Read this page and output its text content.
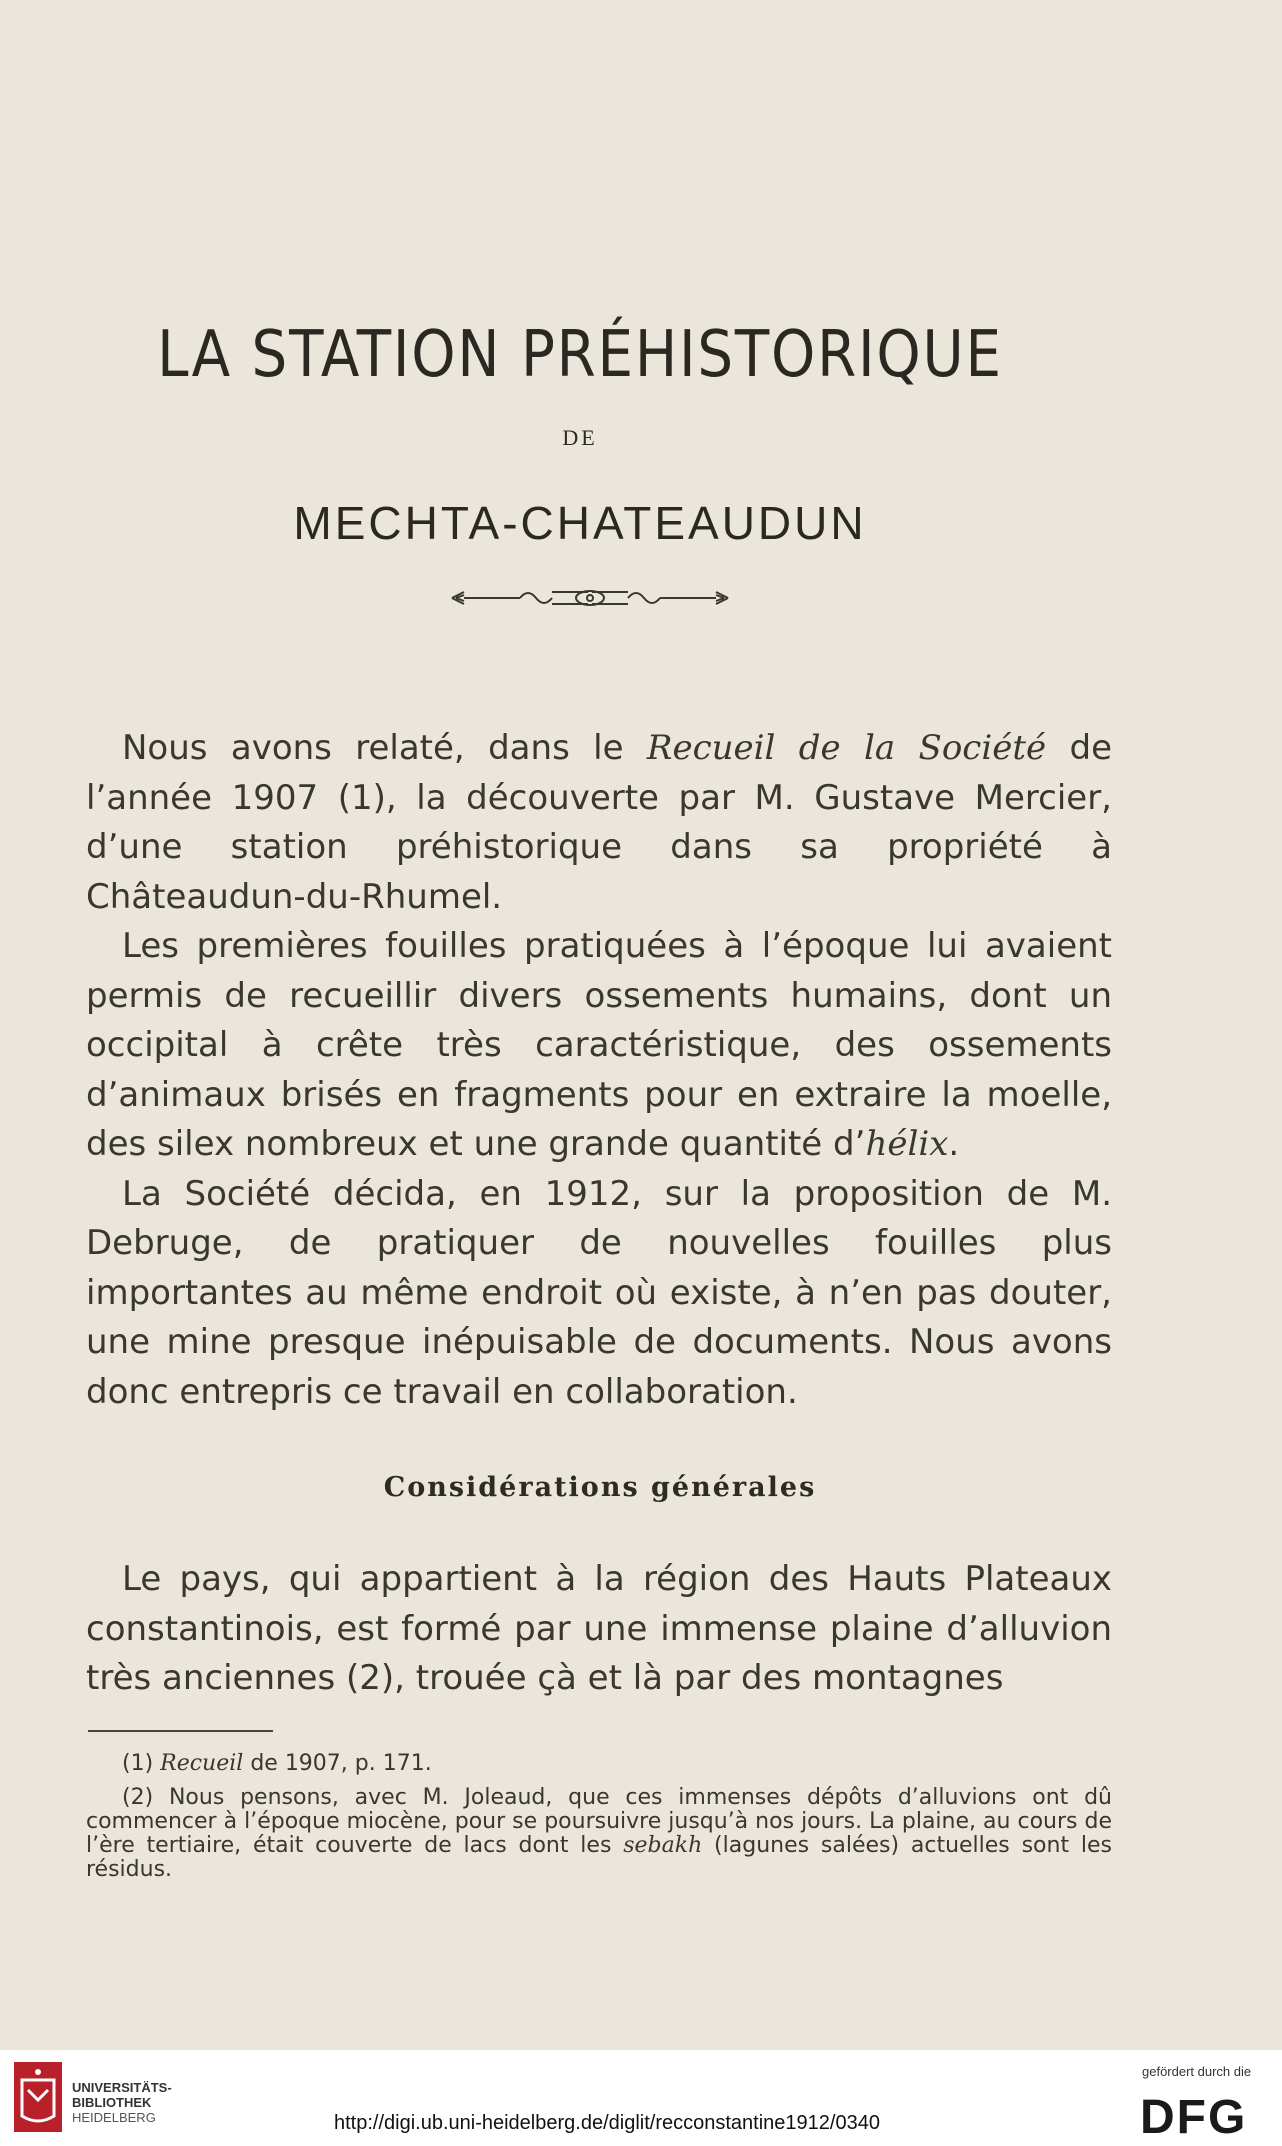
LA STATION PRÉHISTORIQUE
DE
MECHTA-CHATEAUDUN

Nous avons relaté, dans le Recueil de la Société de l’année 1907 (1), la découverte par M. Gustave Mercier, d’une station préhistorique dans sa propriété à Châteaudun-du-Rhumel.

Les premières fouilles pratiquées à l’époque lui avaient permis de recueillir divers ossements humains, dont un occipital à crête très caractéristique, des ossements d’animaux brisés en fragments pour en extraire la moelle, des silex nombreux et une grande quantité d’hélix.

La Société décida, en 1912, sur la proposition de M. Debruge, de pratiquer de nouvelles fouilles plus importantes au même endroit où existe, à n’en pas douter, une mine presque inépuisable de documents. Nous avons donc entrepris ce travail en collaboration.

Considérations générales

Le pays, qui appartient à la région des Hauts Plateaux constantinois, est formé par une immense plaine d’alluvion très anciennes (2), trouée çà et là par des montagnes

(1) Recueil de 1907, p. 171.

(2) Nous pensons, avec M. Joleaud, que ces immenses dépôts d’alluvions ont dû commencer à l’époque miocène, pour se poursuivre jusqu’à nos jours. La plaine, au cours de l’ère tertiaire, était couverte de lacs dont les sebakh (lagunes salées) actuelles sont les résidus.

UNIVERSITÄTS-
BIBLIOTHEK
HEIDELBERG	http://digi.ub.uni-heidelberg.de/diglit/recconstantine1912/0340
gefördert durch die
DFG
